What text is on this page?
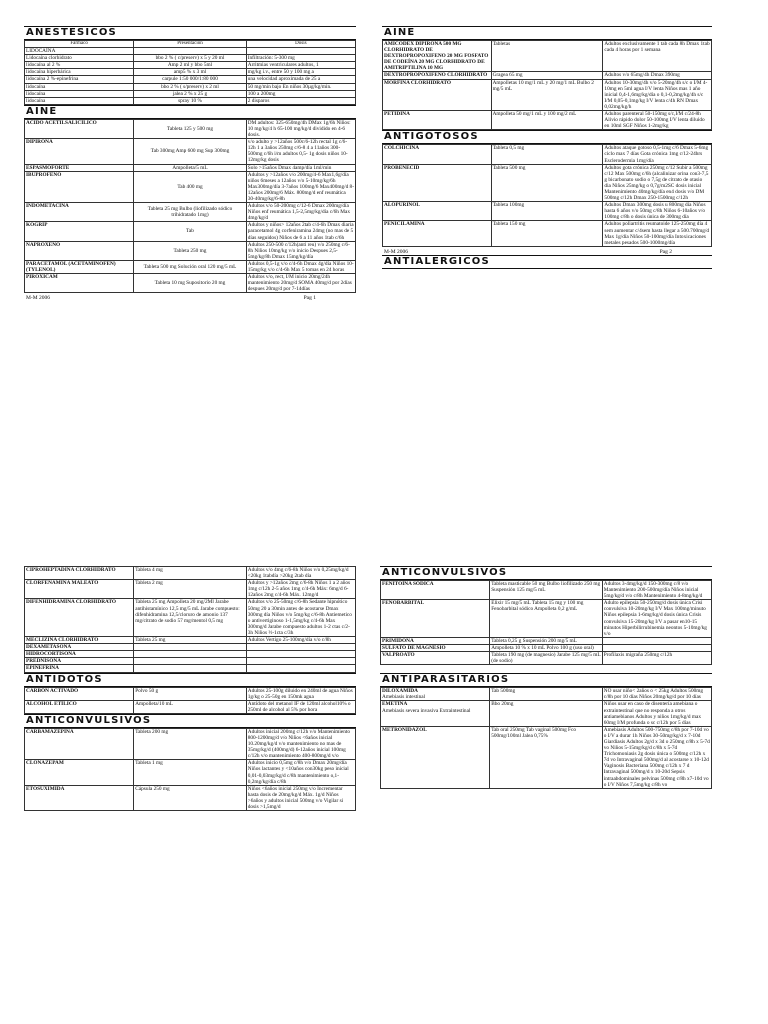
ANESTESICOS
Fármaco	Presentación	Dosis
LIDOCAÍNA		
Lidocaína clorhidrato	bbo 2 % ( c/preserv) x 5 y 20 ml	Infiltración: 5-300 mg
lidocaína al 2 %	Amp 2 ml y bbo 5ml	Arritmias ventriculares adultos, 1
lidocaína hiperbárica	amp5 % x 3 ml	mg/kg i.v., entre 50 y 100 mg a
lidocaína 2 %-epinefrina	carpule 1:50 000/1:80 000	una velocidad aproximada de 25 a
lidocaína	bbo 2 % ( s/preserv) x 2 ml	50 mg/min bajo En niños 30µg/kg/min.
lidocaína	jalea 2 % x 25 g	100 a 200mg
lidocaína	spray 10 %	2 disparos
AINE
ÁCIDO ACETILSALICÍLICO	Tableta 125 y 500 mg	DM adultos: 325-650mg/4h DMax 1g/6h Niños: 10 mg/kg/4 h 65-100 mg/kg/d dividido en 4-6 dosis.
DIPIRONA	Tab 300mg Amp 600 mg Sup 300mg	v/o adulto y >12años 500c/6-12h rectal 1g c/6-12h 1 a 3años 250mg c/6-8 4 a 11años 300-500mg c/6h i/m adultos 0,5- 1g dosis niños 10-12mg/kg dosis
ESPASMOFORTE	Ampolleta/5 mL	Solo >15años Dmax 4amp/día 1ml/min
IBUPROFENO	Tab 400 mg	Adultos y >12años v/o 200mg/4-6 Max1,6g/día niños 6meses a 12años v/o 5-10mg/kg/6h Max300mg/día 3-7años 100mg/6 Max400mg/d 8-12años 200mg/6 Máx. 800mg/d enf reumática 30-40mg/kg/6-8h
INDOMETACINA	Tableta 25 mg Bulbo (liofilizado sódico trihidratado 1mg)	Adultos v/o 50-200mg c/12-6 Dmax 200mg/día Niños enf reumática 1,5-2,5mg/kg/día c/6h Max 4mg/kg/d
KOGRIP	Tab	Adultos y niños> 12años 2tab c/4-6h Dmax diaria paracetamol 4g corfeniramina 24mg (no mas de 5 días seguidos) Niños de 6 a 11 años 1tab c/6h
NAPROXENO	Tableta 250 mg	Adultos 250-500 c/12h(anti reu) v/o 250mg c/6-8h Niños 10mg/kg v/o inicio Despues 2,5-5mg/kg/8h Dmax 15mg/kg/día
PARACETAMOL (ACETAMINOFEN) (TYLENOL)	Tableta 500 mg Solución oral 120 mg/5 mL	Adultos 0,5-1g v/o c/4-6h Dmax 4g/día Niños 10-15mg/kg v/o c/4-6h Max 5 tomas en 24 horas
PIROXICAM	Tableta 10 mg Supositorio 20 mg	Adultos v/o, rect, I/M inicio 20mg/24h mantenimiento 20mg/d SOMA 40mg/d por 2días despues 20mg/d por 7-14días
M-M 2006	Pag 1
AINE
AMICODEX DIPIRONA 500 MG CLORHIDRATO DE DEXTROPROPOXIFENO 20 MG FOSFATO DE CODEÍNA 20 MG CLORHIDRATO DE AMITRIPTILINA 10 MG	Tabletas	Adultos exclusivamente 1 tab cada 8h Dmax 1tab cada 4 horas por 1 semana
DEXTROPROPOXIFENO CLORHIDRATO	Gragea 65 mg	Adultos v/o 65mg/4h Dmax 390mg
MORFINA CLORHIDRATO	Ampolletas 10 mg/1 mL y 20 mg/1 mL Bulbo 2 mg/5 mL	Adultos 10-30mg/4h v/o 5-20mg/4h s/c o I/M 4-10mg en 5ml agua I/V lenta Niños mas 1 año inicial 0,4-1,6mg/kg/día o 0,1-0,2mg/kg/4h s/c I/M 0,05-0,1mg/kg I/V lenta c/4h RN Dmax 0,02mg/kg/h
PETIDINA	Ampolleta 50 mg/1 mL y 100 mg/2 mL	Adultos parenteral 50-150mg s/c,I/M c/24-8h Alivio rápido dolor 50-100mg I/V lenta diluido en 10ml SGF Niños 1-2mg/kg
ANTIGOTOSOS
COLCHICINA	Tableta 0,5 mg	Adultos ataque gotoso 0,5-1mg c/6 Dmax 5-6mg ciclo max 7 días Gota crónica 1mg c/12-24hrs Esclerodermia 1mg/día
PROBENECID	Tableta 500 mg	Adultos gota crónica 250mg c/12 Subir a 500mg c/12 Max 500mg c/6h (alcalinizar orina con3-7,5 g bicarbonato sodio o 7,5g de citrato de otasio dia Niños 25mg/kg o 0,7g/m2SC dosis inicial Mantenimiento 40mg/kg/día en4 dosis v/o DM 500mg c/12h Dmax 250-1500mg c/12h
ALOPURINOL	Tableta 100mg	Adultos Dmax 300mg dosis u 800mg día Niños hasta 6 años v/o 50mg c/8h Niños 6-10años v/o 100mg c/8h o dosis única de 300mg día
PENICILAMINA	Tableta 150 mg	Adultos poliartritis reumatoide 125-250mg día 4 sem aumentar c/4sem hasta llegar a 500.700mg/d Max 1g/día Niños 50-100mg/día Intoxicaciones metales pesados 500-1000mg/día
M-M 2006	Pag 2
ANTIALERGICOS
CIPROHEPTADINA CLORHIDRATO	Tableta 4 mg	Adultos v/o 4mg c/6-8h Niños v/o 0,25mg/kg/d <20kg 1tabdía >20kg 2tab día
CLORFENAMINA MALEATO	Tableta 2 mg	Adultos y >12años 2mg c/6-8h Niños 1 a 2 años 1mg c/12h 2-5 años 1mg c/4-6h Máx: 6mg/d 6-12años 2mg c/4-6h Máx. 12mg/d
DIFENHIDRAMINA CLORHIDRATO	Tableta 25 mg Ampolleta 20 mg/2Ml Jarabe antihistamínico 12,5 mg/5 mL Jarabe compuesto: difenhidramina 12,5/cloruro de amonio 137 mg/citrato de sodio 57 mg/mentol 0,5 mg	Adultos v/o 25-50mg c/6-8h Sedante hipnótico 50mg 20 a 30min antes de acostarse Dmax 300mg día Niños v/o 5mg/kg c/6-8h Antiemetico o antivertiginoso 1-1,5mg/kg c/4-6h Max 300mg/d Jarabe compuesto adultos 1-2 ctas c/2-3h Niños ½-1cta c/3h
MECLIZINA CLORHIDRATO	Tableta 25 mg	Adultos Vertigo 25-100mg/día v/o c/8h
DEXAMETASONA		
HIDROCORTISONA		
PREDNISONA		
EPINEFRINA		
ANTIDOTOS
CARBÓN ACTIVADO	Polvo 50 g	Adultos 25-100g diluido en 240ml de agua Niños 1g/kg o 25-50g en 150mk agua
ALCOHOL ETÍLICO	Ampolleta/10 mL	Antídoto del metanol IF de 120ml alcohol10% o 250ml de alcohol al 5% por hora
ANTICONVULSIVOS
CARBAMAZEPINA	Tableta 200 mg	Adultos inicial 200mg c/12h v/o Mantenimiento 800-1200mg/d v/o Niños <6años inicial 10.20mg/kg/d v/o mantenimiento no mas de 35mg/kg/d (400mg/d) 6-12años inicial 100mg c/12h v/o mantenimiento 400-800mg/d v/o
CLONAZEPAM	Tableta 1 mg	Adultos inicio 0,5mg c/8h v/o Dmax 20mg/día Niños lactantes y <10años con30kg peso inicial 0,01-0,03mg/kg/d c/8h mantenimiento o,1-0,2mg/kg/día c/8h
ETOSUXIMIDA	Cápsula 250 mg	Niños <6años inicial 250mg v/o Incrementar hasta dosis de 20mg/kg/d Máx. 1g/d Niños >6años y adultos inicial 500mg v/o Vigilar si dosis >1,5mg/d
ANTICONVULSIVOS
FENITOÍNA SÓDICA	Tableta masticable 50 mg Bulbo liofilizado 250 mg Suspensión 125 mg/5 mL	Adultos 3-4mg/kg/d 150-300mg c/8 v/o Mantenimiento 200-500mg/día Niños inicial 5mg/kg/d v/o c/8h Mantenimiento 4-8mg/kg/d
FENOBARBITAL	Elixir 15 mg/5 mL Tableta 15 mg y 100 mg Fenobarbital sódico Ampolleta 0,2 g/mL	Adulto epilepsia 50-250mg/d dosis única Crisi convulsiva 10-20mg/kg I/V Max 100mg/minuto Niños epilepsia 1-6mg/kg/d dosis única Crisis convulsiva 15-20mg/kg I/V a pasar en10-15 minutos Hiperbilirrubinemia neontos 5-10mg/kg v/o
PRIMIDONA	Tableta 0,25 g Suspensión 200 mg/5 mL	
SULFATO DE MAGNESIO	Ampolleta 10 % x 10 mL Polvo 100 g (uso oral)	
VALPROATO	Tableta 190 mg (de magnesio) Jarabe 125 mg/5 mL (de sodio)	Profilaxis migraña 250mg c/12h
ANTIPARASITARIOS
DILOXAMIDA
Amebiasis intestinal	Tab 500mg	NO usar niño< 2años o < 25kg Adultos 500mg c/8h por 10 días Niños 20mg/kg/d por 10 días
EMETINA
Amebiasis severa invasiva Extraintestinal	Bbo 20mg	Niños usar en caso de disentería amebiana o extraintestinal que no responda a otros antiamebianos Adultos y niños 1mg/kg/d max 60mg I/M profunda o sc c/12h por 5 días
METRONIDAZOL	Tab oral 250mg Tab vaginal 500mg Fco 500mg/100ml Jalea 0,75%	Amebiasis Adultos 500-750mg c/8h por 7-10d vo o I/V a durar 1h Niños 30-50mg/kg/d x 7-10d Giardiasis Adultos 2g/d x 3d o 250mg c/8h x 5-7d vo Niños 5-15mg/kg/d c/8h x 5-7d Trichomoniasis 2g dosis única o 500mg c/12h x 7d vo Intravaginal 500mg/d al acostarse x 10-12d Vaginosis Bacteriana 500mg c/12h x 7 d Intravaginal 500mg/d x 10-20d Sepsis intraabdominales pelvinas 500mg c/8h x7-10d vo o I/V Niños 7,5mg/kg c/8h vo
